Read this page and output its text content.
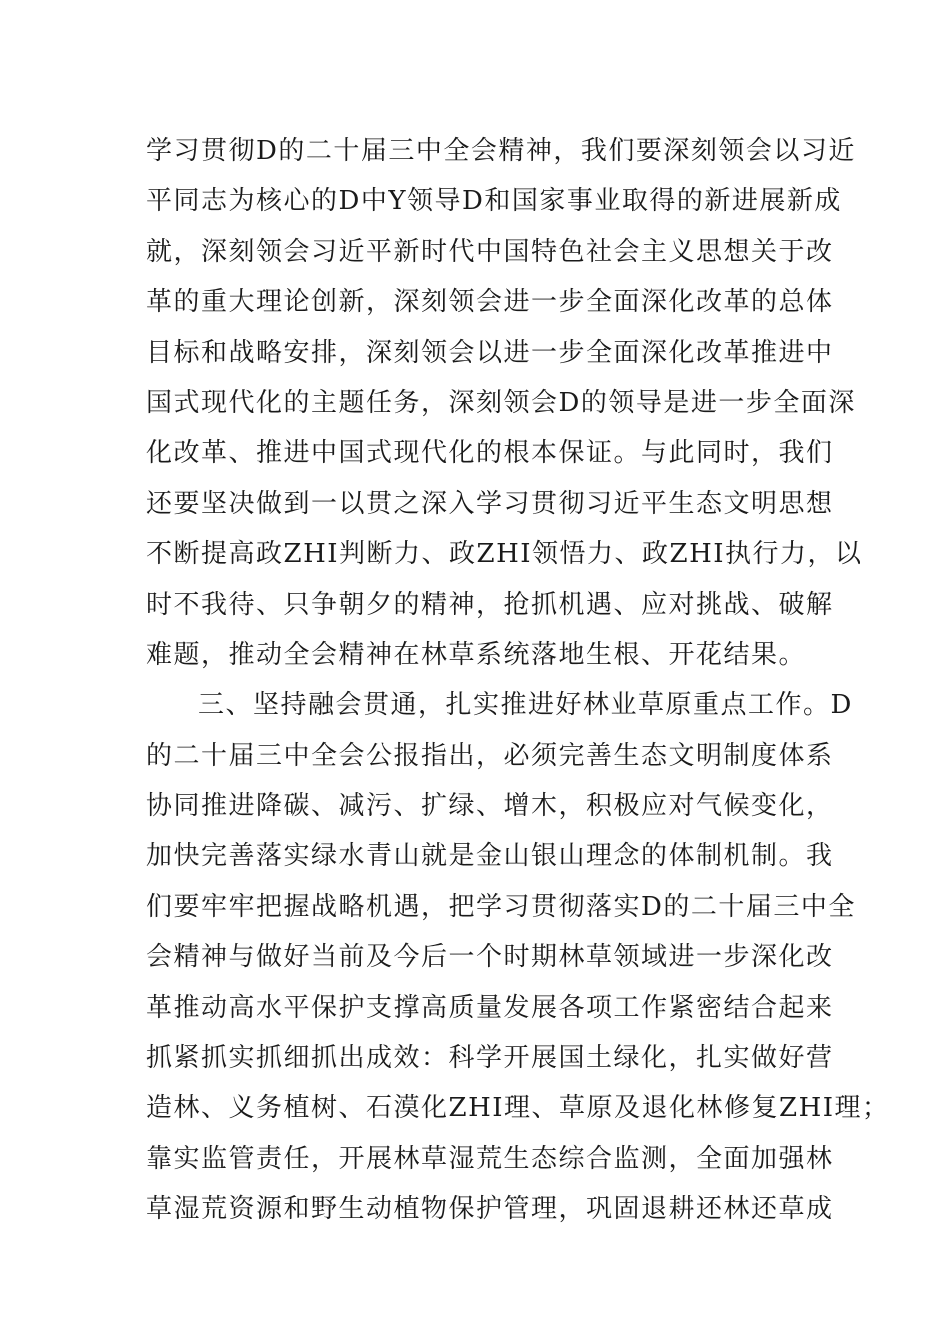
学习贯彻D的二十届三中全会精神，我们要深刻领会以习近
平同志为核心的D中Y领导D和国家事业取得的新进展新成
就，深刻领会习近平新时代中国特色社会主义思想关于改
革的重大理论创新，深刻领会进一步全面深化改革的总体
目标和战略安排，深刻领会以进一步全面深化改革推进中
国式现代化的主题任务，深刻领会D的领导是进一步全面深
化改革、推进中国式现代化的根本保证。与此同时，我们
还要坚决做到一以贯之深入学习贯彻习近平生态文明思想
不断提高政ZHI判断力、政ZHI领悟力、政ZHI执行力，以
时不我待、只争朝夕的精神，抢抓机遇、应对挑战、破解
难题，推动全会精神在林草系统落地生根、开花结果。
三、坚持融会贯通，扎实推进好林业草原重点工作。D
的二十届三中全会公报指出，必须完善生态文明制度体系
协同推进降碳、减污、扩绿、增木，积极应对气候变化，
加快完善落实绿水青山就是金山银山理念的体制机制。我
们要牢牢把握战略机遇，把学习贯彻落实D的二十届三中全
会精神与做好当前及今后一个时期林草领域进一步深化改
革推动高水平保护支撑高质量发展各项工作紧密结合起来
抓紧抓实抓细抓出成效：科学开展国土绿化，扎实做好营
造林、义务植树、石漠化ZHI理、草原及退化林修复ZHI理；
靠实监管责任，开展林草湿荒生态综合监测，全面加强林
草湿荒资源和野生动植物保护管理，巩固退耕还林还草成
